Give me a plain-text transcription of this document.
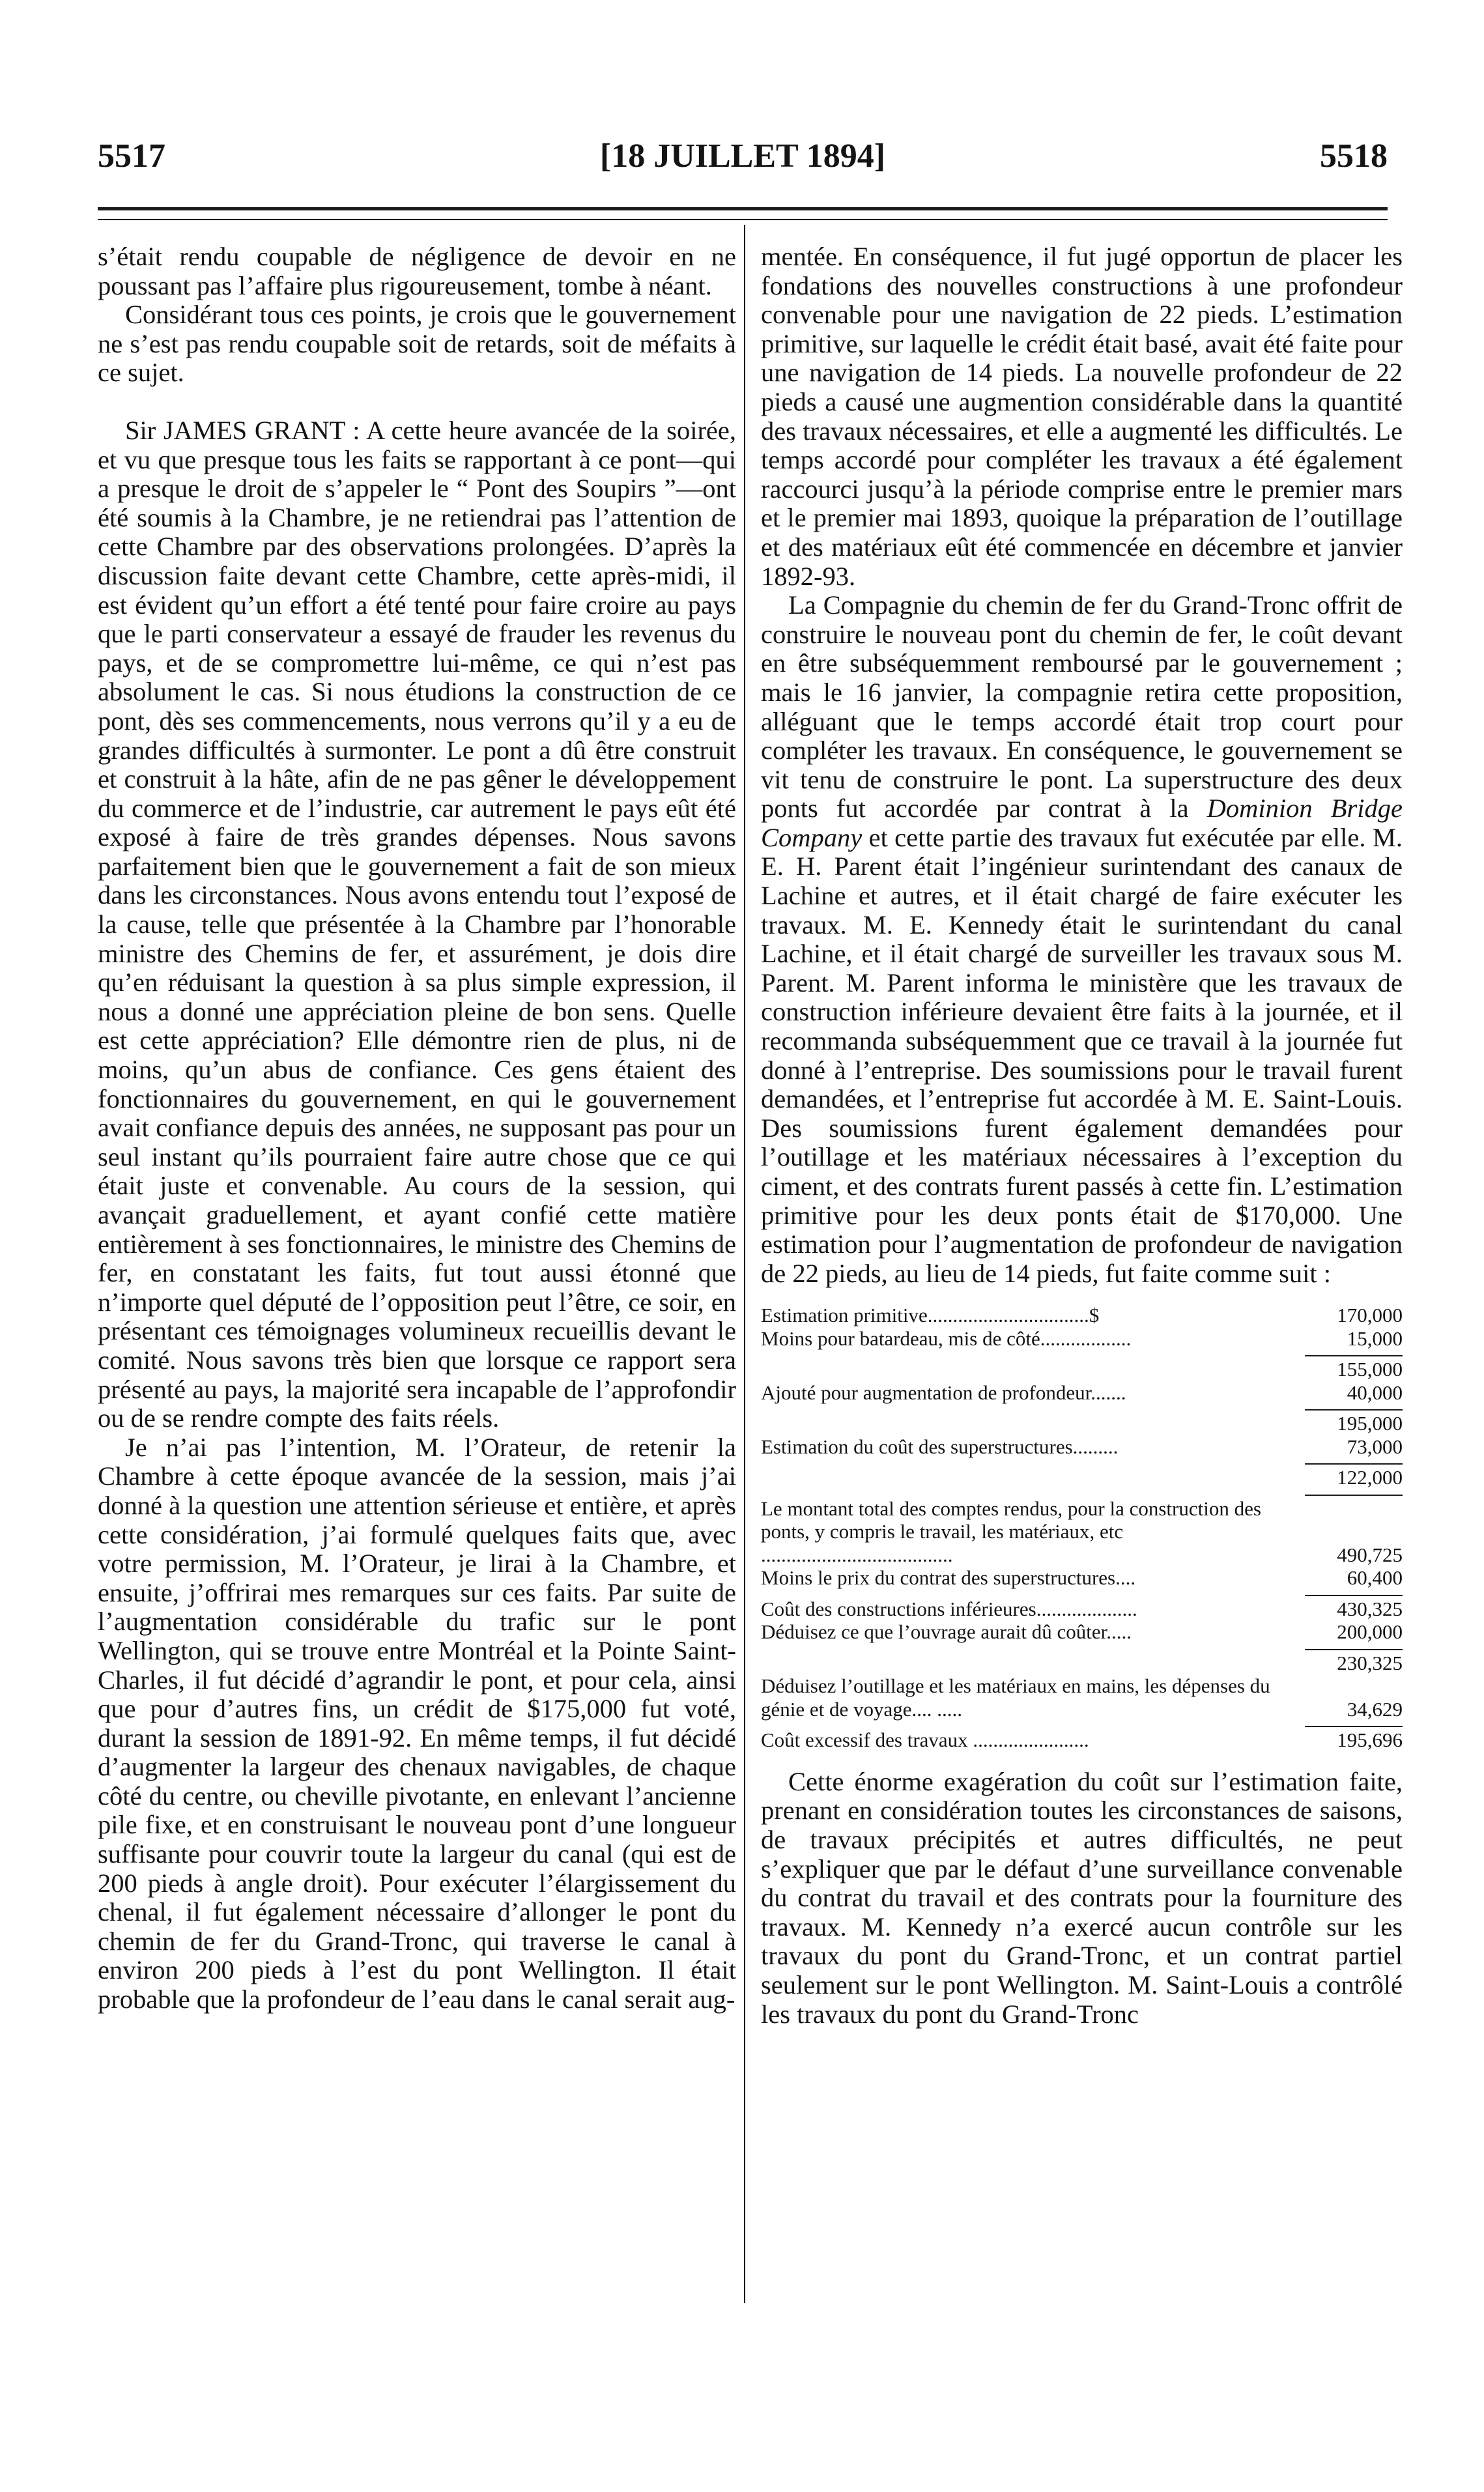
5517	[18 JUILLET 1894]	5518

s’était rendu coupable de négligence de devoir en ne poussant pas l’affaire plus rigoureusement, tombe à néant.

Considérant tous ces points, je crois que le gouvernement ne s’est pas rendu coupable soit de retards, soit de méfaits à ce sujet.

Sir JAMES GRANT : A cette heure avancée de la soirée, et vu que presque tous les faits se rapportant à ce pont—qui a presque le droit de s’appeler le “ Pont des Soupirs ”—ont été soumis à la Chambre, je ne retiendrai pas l’attention de cette Chambre par des observations prolongées. D’après la discussion faite devant cette Chambre, cette après-midi, il est évident qu’un effort a été tenté pour faire croire au pays que le parti conservateur a essayé de frauder les revenus du pays, et de se compromettre lui-même, ce qui n’est pas absolument le cas. Si nous étudions la construction de ce pont, dès ses commencements, nous verrons qu’il y a eu de grandes difficultés à surmonter. Le pont a dû être construit et construit à la hâte, afin de ne pas gêner le développement du commerce et de l’industrie, car autrement le pays eût été exposé à faire de très grandes dépenses. Nous savons parfaitement bien que le gouvernement a fait de son mieux dans les circonstances. Nous avons entendu tout l’exposé de la cause, telle que présentée à la Chambre par l’honorable ministre des Chemins de fer, et assurément, je dois dire qu’en réduisant la question à sa plus simple expression, il nous a donné une appréciation pleine de bon sens. Quelle est cette appréciation? Elle démontre rien de plus, ni de moins, qu’un abus de confiance. Ces gens étaient des fonctionnaires du gouvernement, en qui le gouvernement avait confiance depuis des années, ne supposant pas pour un seul instant qu’ils pourraient faire autre chose que ce qui était juste et convenable. Au cours de la session, qui avançait graduellement, et ayant confié cette matière entièrement à ses fonctionnaires, le ministre des Chemins de fer, en constatant les faits, fut tout aussi étonné que n’importe quel député de l’opposition peut l’être, ce soir, en présentant ces témoignages volumineux recueillis devant le comité. Nous savons très bien que lorsque ce rapport sera présenté au pays, la majorité sera incapable de l’approfondir ou de se rendre compte des faits réels.

Je n’ai pas l’intention, M. l’Orateur, de retenir la Chambre à cette époque avancée de la session, mais j’ai donné à la question une attention sérieuse et entière, et après cette considération, j’ai formulé quelques faits que, avec votre permission, M. l’Orateur, je lirai à la Chambre, et ensuite, j’offrirai mes remarques sur ces faits. Par suite de l’augmentation considérable du trafic sur le pont Wellington, qui se trouve entre Montréal et la Pointe Saint-Charles, il fut décidé d’agrandir le pont, et pour cela, ainsi que pour d’autres fins, un crédit de $175,000 fut voté, durant la session de 1891-92. En même temps, il fut décidé d’augmenter la largeur des chenaux navigables, de chaque côté du centre, ou cheville pivotante, en enlevant l’ancienne pile fixe, et en construisant le nouveau pont d’une longueur suffisante pour couvrir toute la largeur du canal (qui est de 200 pieds à angle droit). Pour exécuter l’élargissement du chenal, il fut également nécessaire d’allonger le pont du chemin de fer du Grand-Tronc, qui traverse le canal à environ 200 pieds à l’est du pont Wellington. Il était probable que la profondeur de l’eau dans le canal serait aug-

mentée. En conséquence, il fut jugé opportun de placer les fondations des nouvelles constructions à une profondeur convenable pour une navigation de 22 pieds. L’estimation primitive, sur laquelle le crédit était basé, avait été faite pour une navigation de 14 pieds. La nouvelle profondeur de 22 pieds a causé une augmention considérable dans la quantité des travaux nécessaires, et elle a augmenté les difficultés. Le temps accordé pour compléter les travaux a été également raccourci jusqu’à la période comprise entre le premier mars et le premier mai 1893, quoique la préparation de l’outillage et des matériaux eût été commencée en décembre et janvier 1892-93.

La Compagnie du chemin de fer du Grand-Tronc offrit de construire le nouveau pont du chemin de fer, le coût devant en être subséquemment remboursé par le gouvernement ; mais le 16 janvier, la compagnie retira cette proposition, alléguant que le temps accordé était trop court pour compléter les travaux. En conséquence, le gouvernement se vit tenu de construire le pont. La superstructure des deux ponts fut accordée par contrat à la Dominion Bridge Company et cette partie des travaux fut exécutée par elle. M. E. H. Parent était l’ingénieur surintendant des canaux de Lachine et autres, et il était chargé de faire exécuter les travaux. M. E. Kennedy était le surintendant du canal Lachine, et il était chargé de surveiller les travaux sous M. Parent. M. Parent informa le ministère que les travaux de construction inférieure devaient être faits à la journée, et il recommanda subséquemment que ce travail à la journée fut donné à l’entreprise. Des soumissions pour le travail furent demandées, et l’entreprise fut accordée à M. E. Saint-Louis. Des soumissions furent également demandées pour l’outillage et les matériaux nécessaires à l’exception du ciment, et des contrats furent passés à cette fin. L’estimation primitive pour les deux ponts était de $170,000. Une estimation pour l’augmentation de profondeur de navigation de 22 pieds, au lieu de 14 pieds, fut faite comme suit :

Estimation primitive................................$	170,000
Moins pour batardeau, mis de côté..................	15,000
155,000
Ajouté pour augmentation de profondeur.......	40,000
195,000
Estimation du coût des superstructures.........	73,000
122,000
Le montant total des comptes rendus, pour la construction des ponts, y compris le travail, les matériaux, etc ......................................	490,725
Moins le prix du contrat des superstructures....	60,400
Coût des constructions inférieures....................	430,325
Déduisez ce que l’ouvrage aurait dû coûter.....	200,000
230,325
Déduisez l’outillage et les matériaux en mains, les dépenses du génie et de voyage.... .....	34,629
Coût excessif des travaux .......................	195,696

Cette énorme exagération du coût sur l’estimation faite, prenant en considération toutes les circonstances de saisons, de travaux précipités et autres difficultés, ne peut s’expliquer que par le défaut d’une surveillance convenable du contrat du travail et des contrats pour la fourniture des travaux. M. Kennedy n’a exercé aucun contrôle sur les travaux du pont du Grand-Tronc, et un contrat partiel seulement sur le pont Wellington. M. Saint-Louis a contrôlé les travaux du pont du Grand-Tronc
